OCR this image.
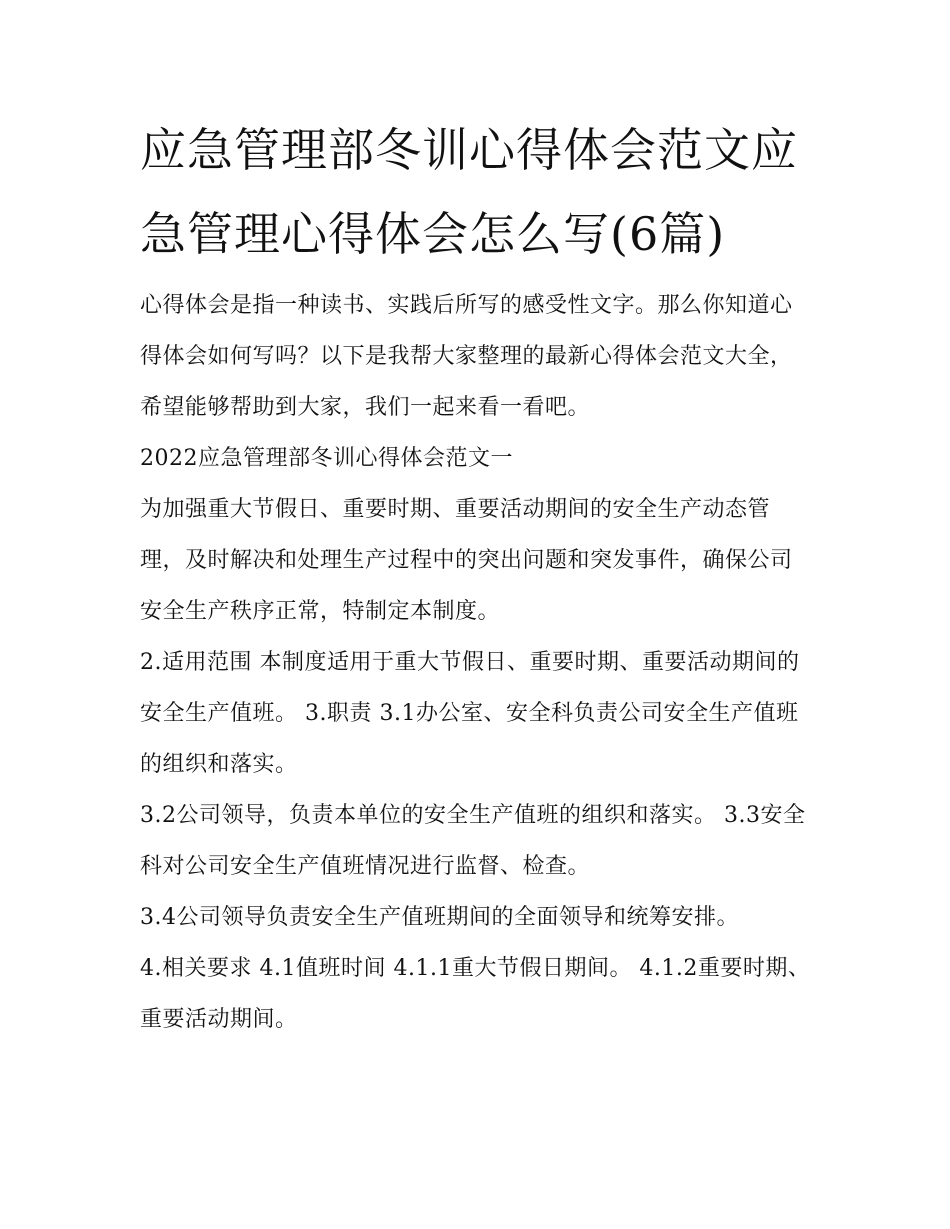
应急管理部冬训心得体会范文应急管理心得体会怎么写(6篇)

心得体会是指一种读书、实践后所写的感受性文字。那么你知道心得体会如何写吗？以下是我帮大家整理的最新心得体会范文大全，希望能够帮助到大家，我们一起来看一看吧。

2022应急管理部冬训心得体会范文一

为加强重大节假日、重要时期、重要活动期间的安全生产动态管理，及时解决和处理生产过程中的突出问题和突发事件，确保公司安全生产秩序正常，特制定本制度。

2.适用范围 本制度适用于重大节假日、重要时期、重要活动期间的安全生产值班。 3.职责 3.1办公室、安全科负责公司安全生产值班的组织和落实。

3.2公司领导，负责本单位的安全生产值班的组织和落实。 3.3安全科对公司安全生产值班情况进行监督、检查。

3.4公司领导负责安全生产值班期间的全面领导和统筹安排。

4.相关要求 4.1值班时间 4.1.1重大节假日期间。 4.1.2重要时期、重要活动期间。
